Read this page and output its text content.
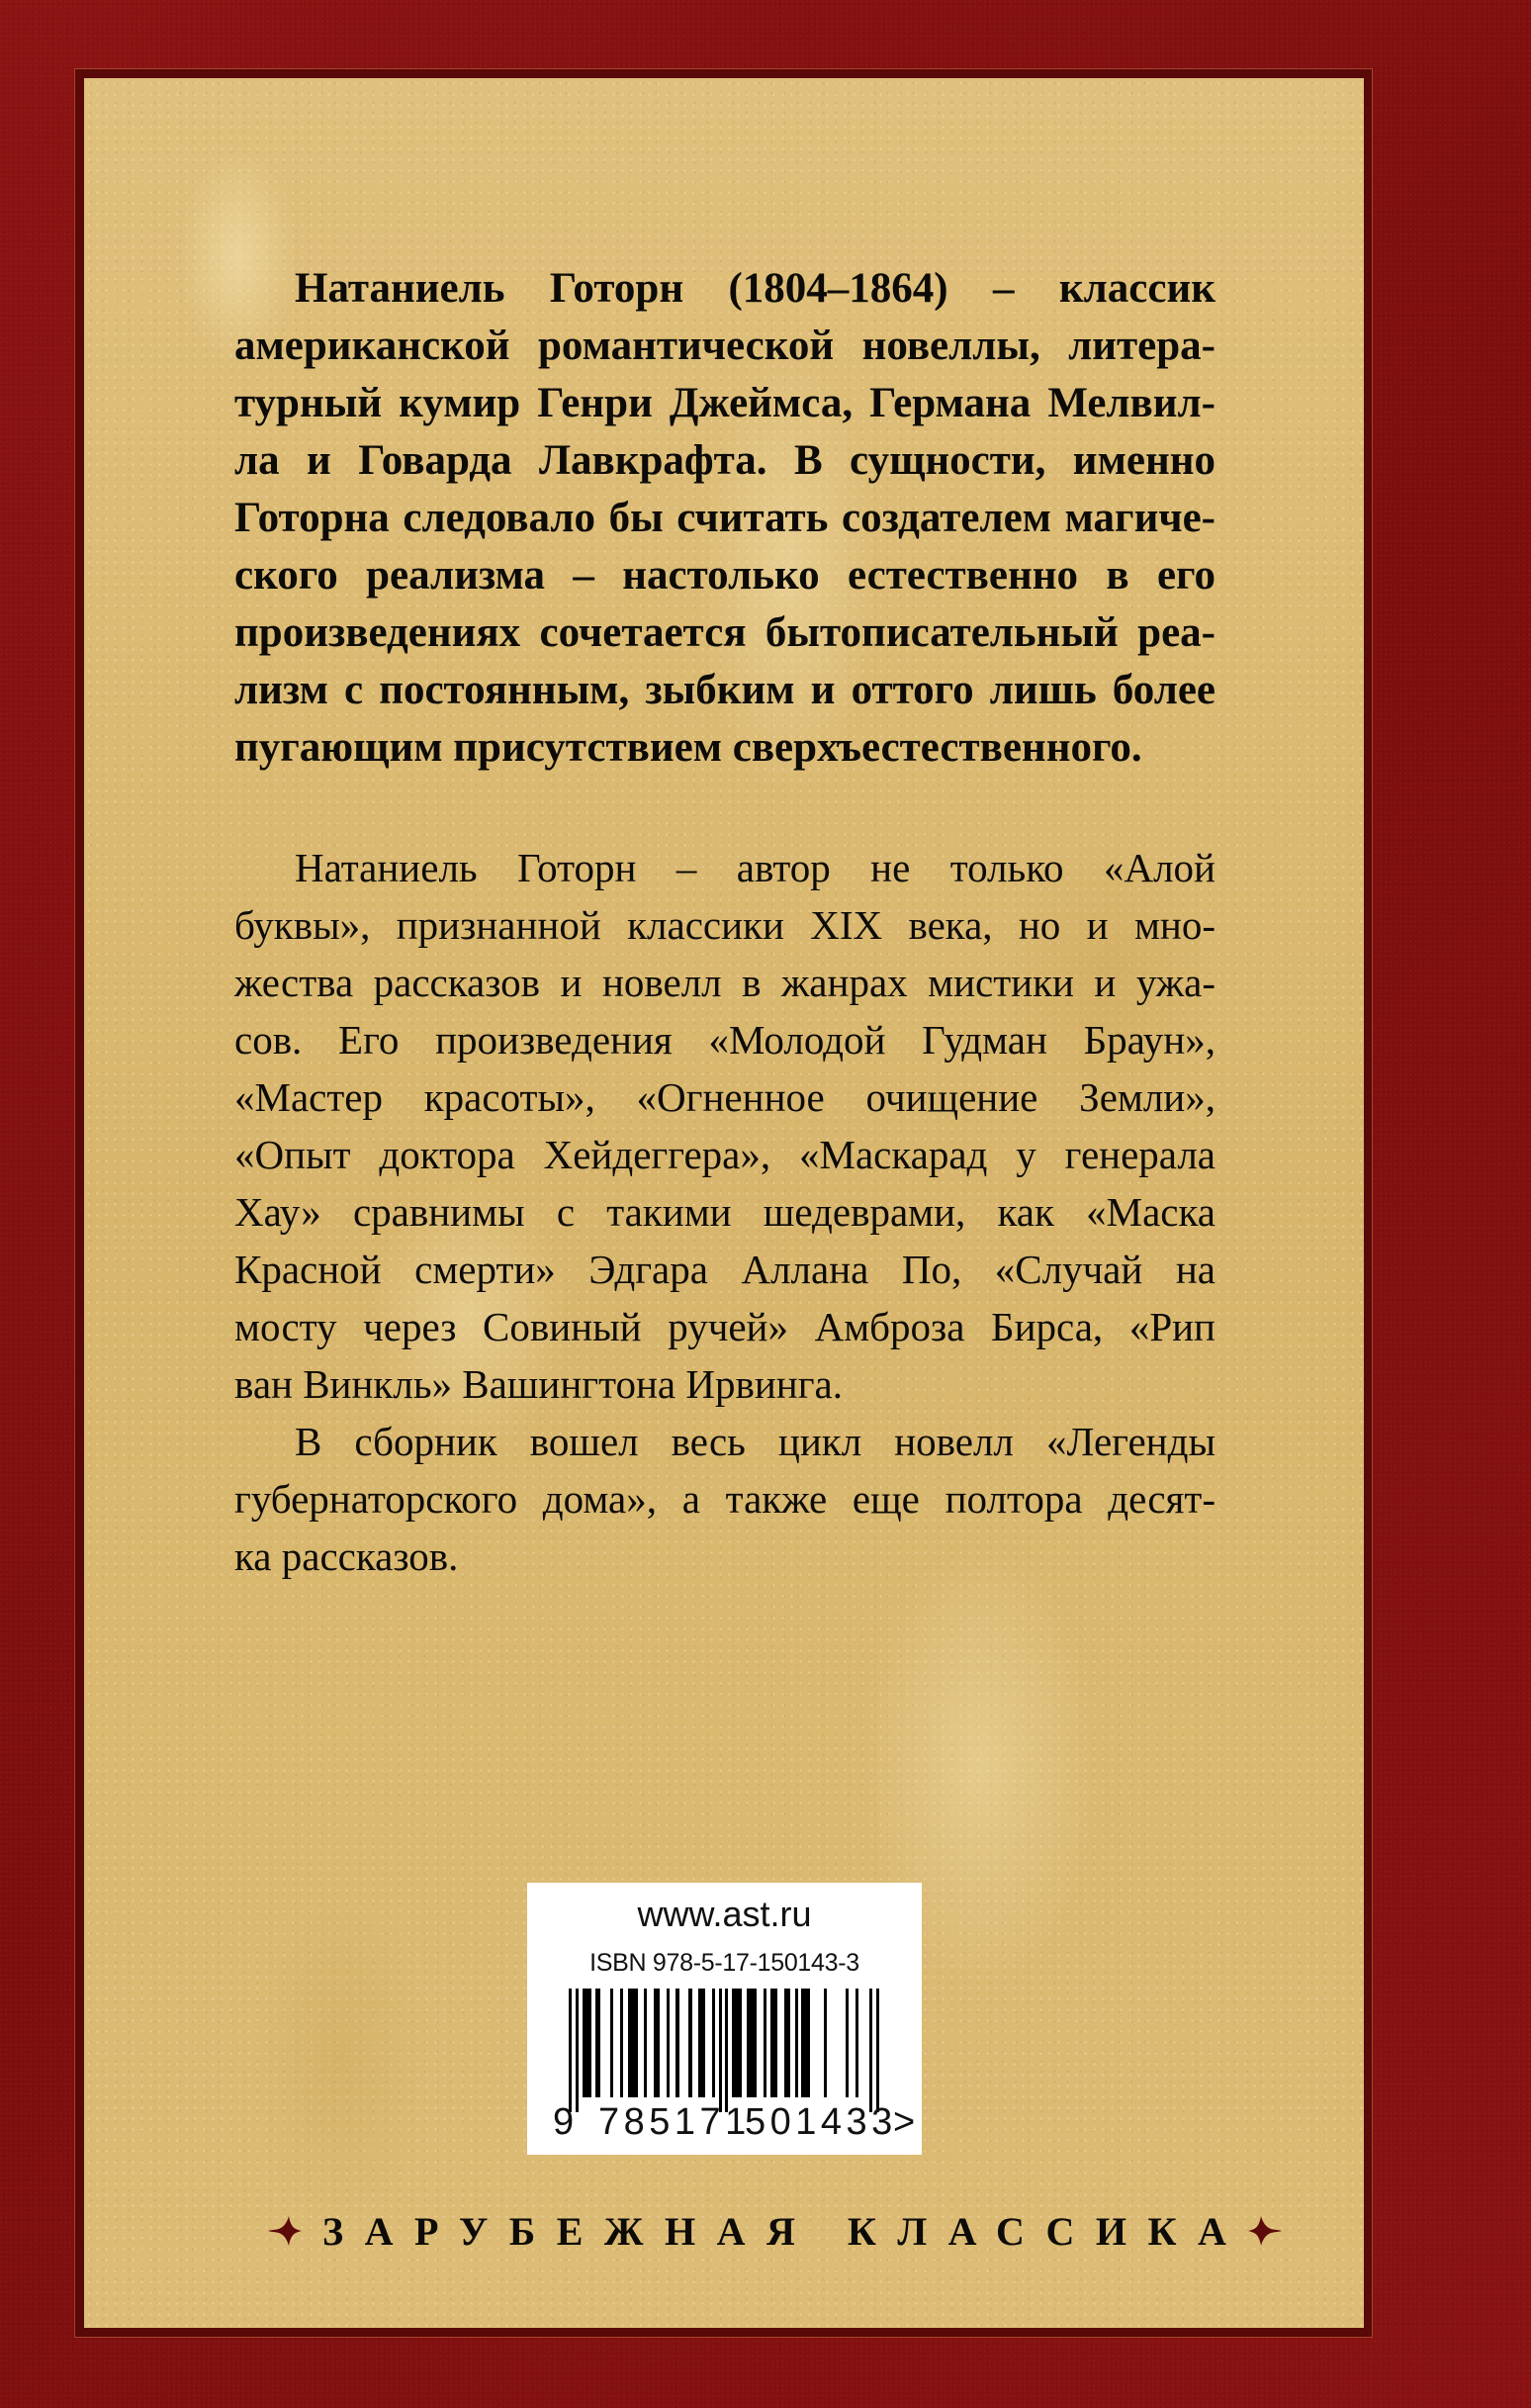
Натаниель Готорн (1804–1864) – классик
американской романтической новеллы, литера-
турный кумир Генри Джеймса, Германа Мелвил-
ла и Говарда Лавкрафта. В сущности, именно
Готорна следовало бы считать создателем магиче-
ского реализма – настолько естественно в его
произведениях сочетается бытописательный реа-
лизм с постоянным, зыбким и оттого лишь более
пугающим присутствием сверхъестественного.
Натаниель Готорн – автор не только «Алой
буквы», признанной классики XIX века, но и мно-
жества рассказов и новелл в жанрах мистики и ужа-
сов. Его произведения «Молодой Гудман Браун»,
«Мастер красоты», «Огненное очищение Земли»,
«Опыт доктора Хейдеггера», «Маскарад у генерала
Хау» сравнимы с такими шедеврами, как «Маска
Красной смерти» Эдгара Аллана По, «Случай на
мосту через Совиный ручей» Амброза Бирса, «Рип
ван Винкль» Вашингтона Ирвинга.
В сборник вошел весь цикл новелл «Легенды
губернаторского дома», а также еще полтора десят-
ка рассказов.
www.ast.ru
ISBN 978-5-17-150143-3
9 785171
501433
>
ЗАРУБЕЖНАЯ КЛАССИКА
